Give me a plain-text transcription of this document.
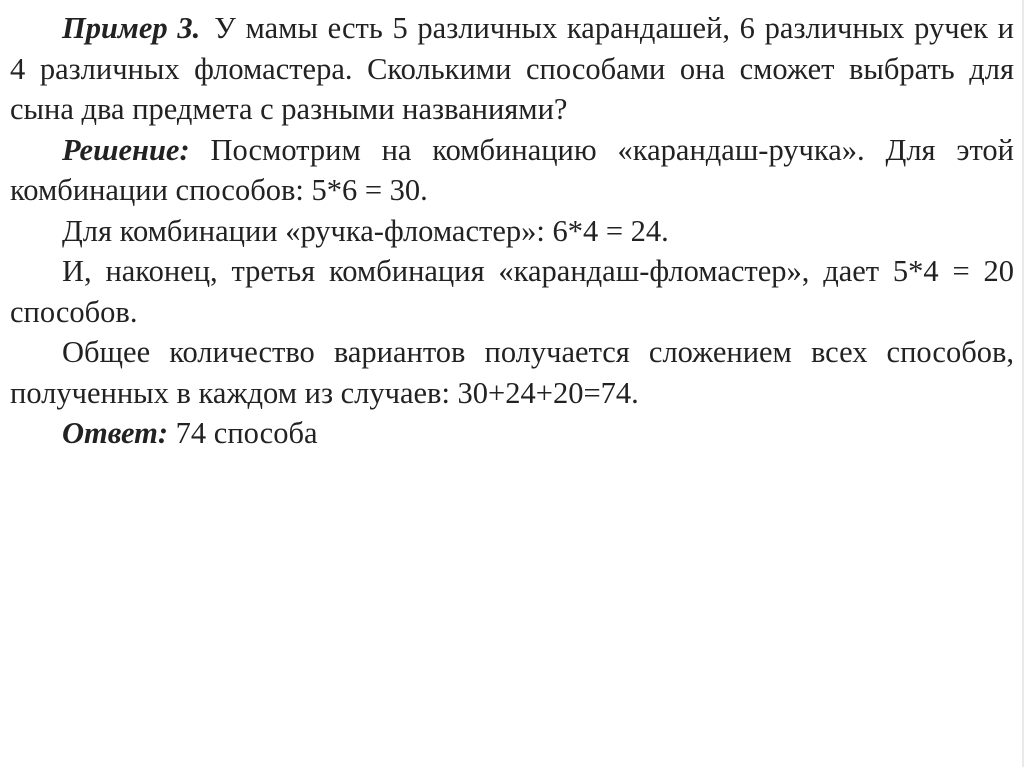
Пример 3. У мамы есть 5 различных карандашей, 6 различных ручек и 4 различных фломастера. Сколькими способами она сможет выбрать для сына два предмета с разными названиями?

Решение: Посмотрим на комбинацию «карандаш-ручка». Для этой комбинации способов: 5*6 = 30.

Для комбинации «ручка-фломастер»: 6*4 = 24.

И, наконец, третья комбинация «карандаш-фломастер», дает 5*4 = 20 способов.

Общее количество вариантов получается сложением всех способов, полученных в каждом из случаев: 30+24+20=74.

Ответ: 74 способа
